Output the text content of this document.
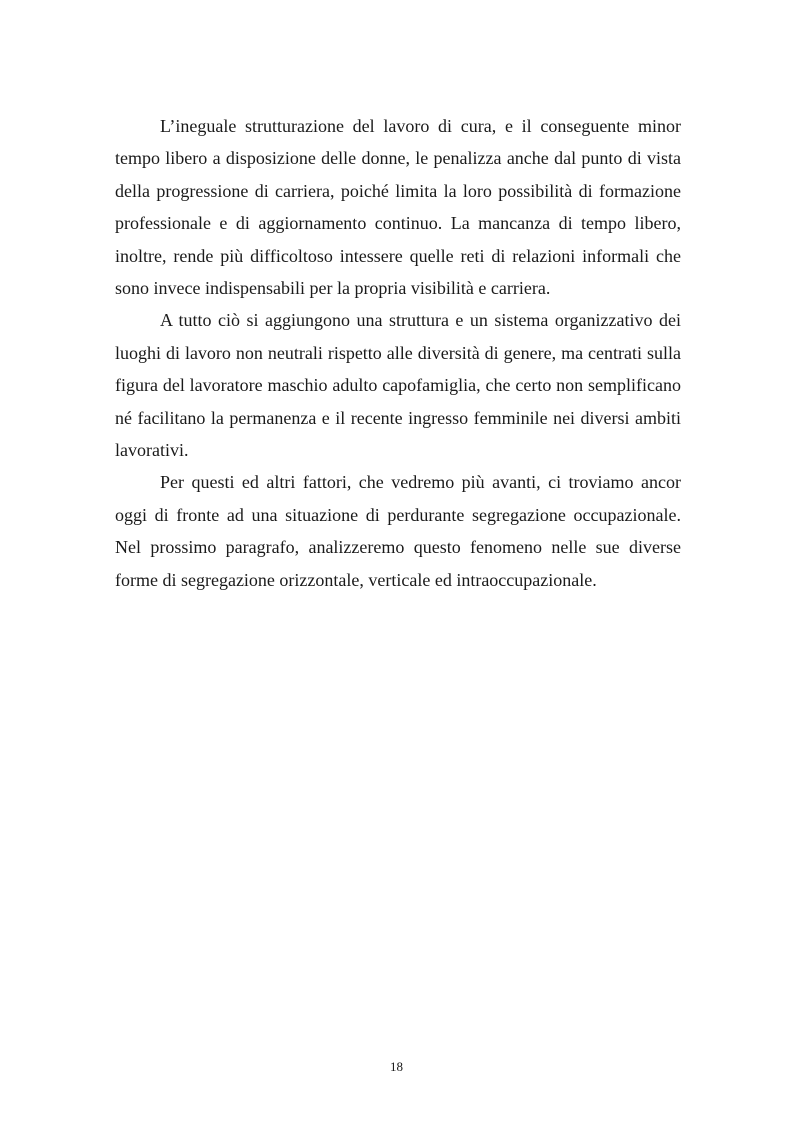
L’ineguale strutturazione del lavoro di cura, e il conseguente minor tempo libero a disposizione delle donne, le penalizza anche dal punto di vista della progressione di carriera, poiché limita la loro possibilità di formazione professionale e di aggiornamento continuo. La mancanza di tempo libero, inoltre, rende più difficoltoso intessere quelle reti di relazioni informali che sono invece indispensabili per la propria visibilità e carriera.

A tutto ciò si aggiungono una struttura e un sistema organizzativo dei luoghi di lavoro non neutrali rispetto alle diversità di genere, ma centrati sulla figura del lavoratore maschio adulto capofamiglia, che certo non semplificano né facilitano la permanenza e il recente ingresso femminile nei diversi ambiti lavorativi.

Per questi ed altri fattori, che vedremo più avanti, ci troviamo ancor oggi di fronte ad una situazione di perdurante segregazione occupazionale. Nel prossimo paragrafo, analizzeremo questo fenomeno nelle sue diverse forme di segregazione orizzontale, verticale ed intraoccupazionale.

18
